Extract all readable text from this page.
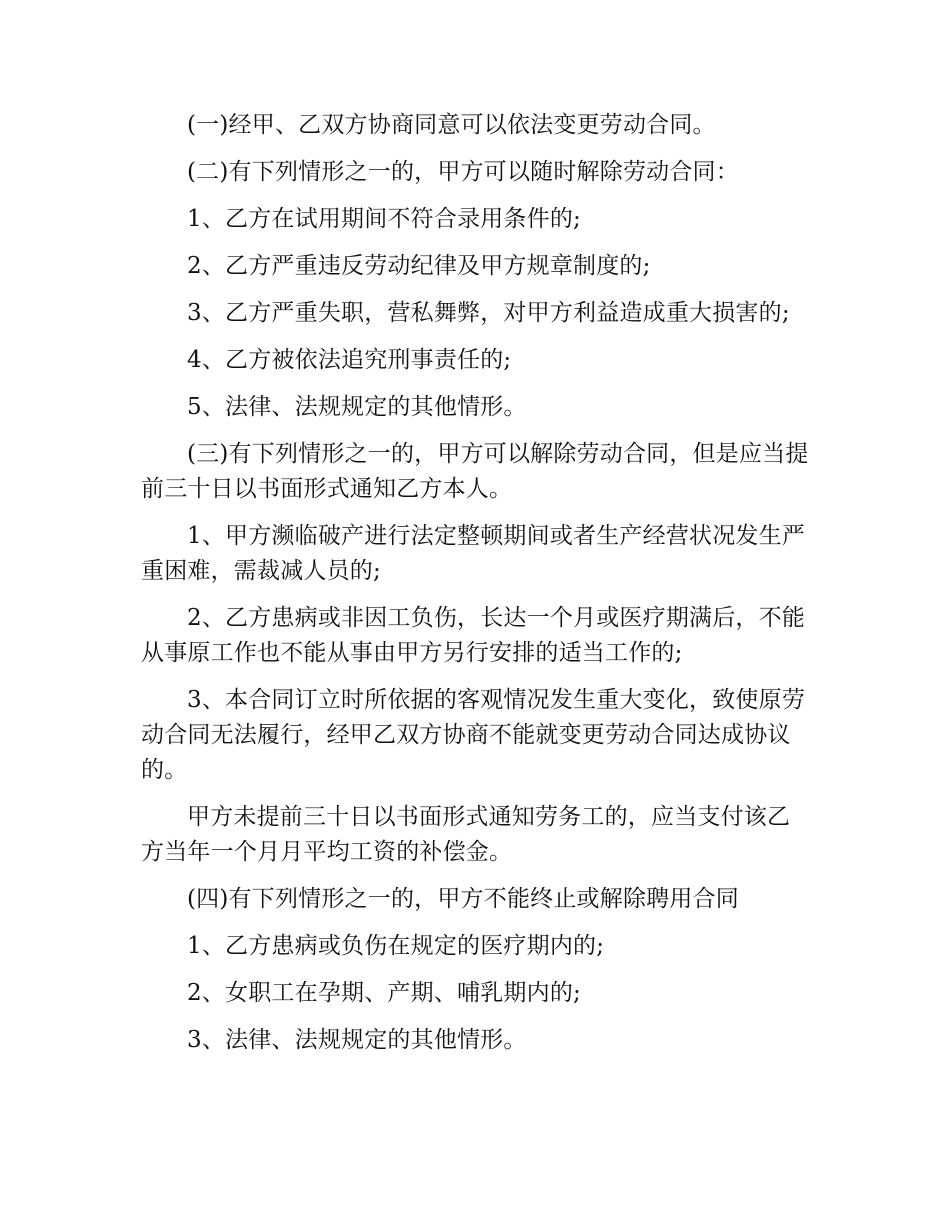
(一)经甲、乙双方协商同意可以依法变更劳动合同。

(二)有下列情形之一的，甲方可以随时解除劳动合同：

1、乙方在试用期间不符合录用条件的;

2、乙方严重违反劳动纪律及甲方规章制度的;

3、乙方严重失职，营私舞弊，对甲方利益造成重大损害的;

4、乙方被依法追究刑事责任的;

5、法律、法规规定的其他情形。

(三)有下列情形之一的，甲方可以解除劳动合同，但是应当提前三十日以书面形式通知乙方本人。

1、甲方濒临破产进行法定整顿期间或者生产经营状况发生严重困难，需裁减人员的;

2、乙方患病或非因工负伤，长达一个月或医疗期满后，不能从事原工作也不能从事由甲方另行安排的适当工作的;

3、本合同订立时所依据的客观情况发生重大变化，致使原劳动合同无法履行，经甲乙双方协商不能就变更劳动合同达成协议的。

甲方未提前三十日以书面形式通知劳务工的，应当支付该乙方当年一个月月平均工资的补偿金。

(四)有下列情形之一的，甲方不能终止或解除聘用合同

1、乙方患病或负伤在规定的医疗期内的;

2、女职工在孕期、产期、哺乳期内的;

3、法律、法规规定的其他情形。
